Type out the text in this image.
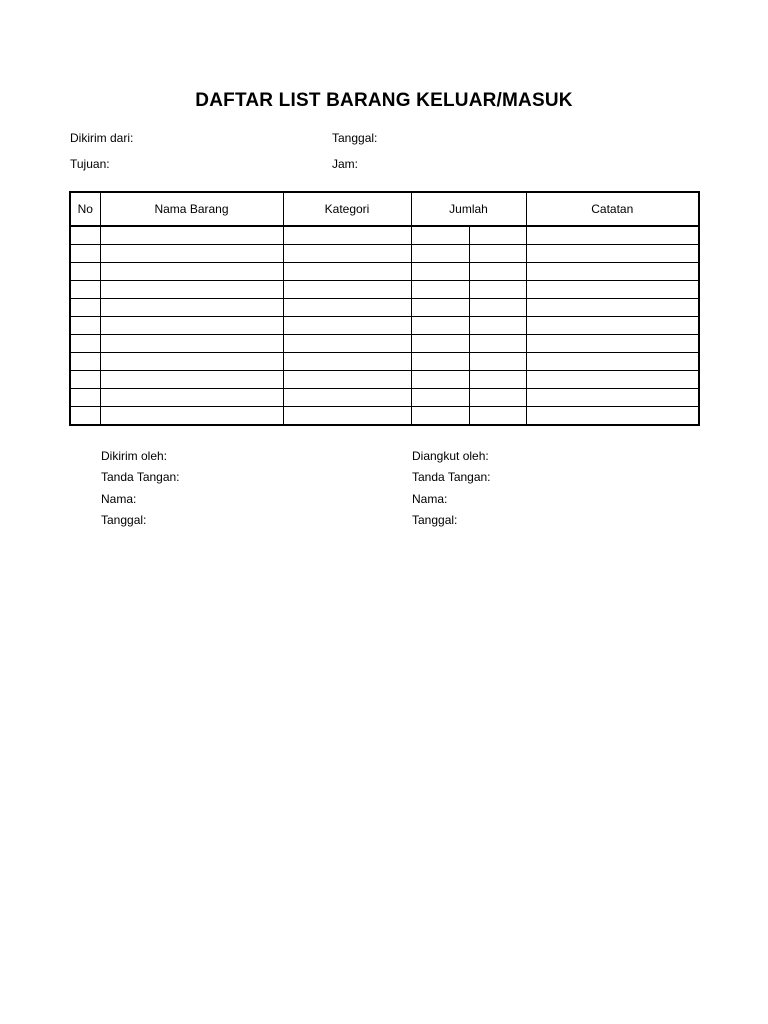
DAFTAR LIST BARANG KELUAR/MASUK
Dikirim dari:	Tanggal:
Tujuan:	Jam:
No	Nama Barang	Kategori	Jumlah		Catatan

Dikirim oleh:
Tanda Tangan:
Nama:
Tanggal:
Diangkut oleh:
Tanda Tangan:
Nama:
Tanggal:
